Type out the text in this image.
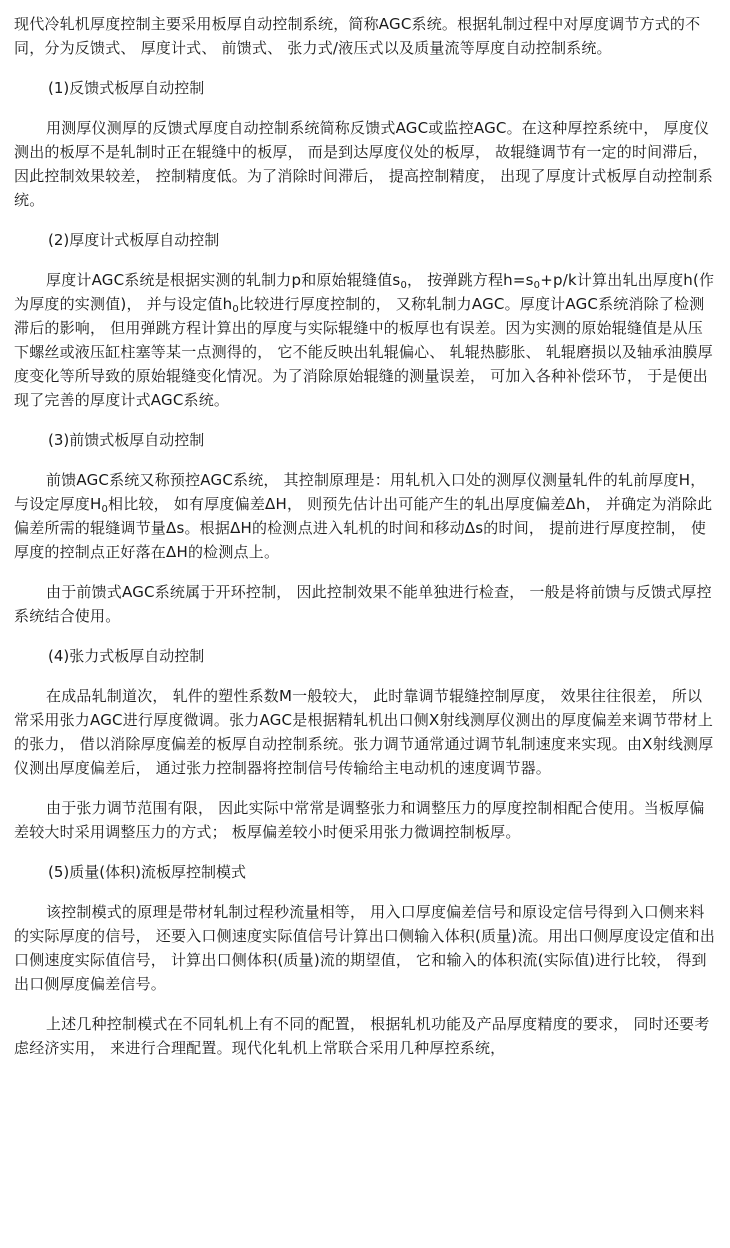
现代冷轧机厚度控制主要采用板厚自动控制系统，简称AGC系统。根据轧制过程中对厚度调节方式的不同，分为反馈式、 厚度计式、 前馈式、 张力式/液压式以及质量流等厚度自动控制系统。

(1)反馈式板厚自动控制

用测厚仪测厚的反馈式厚度自动控制系统简称反馈式AGC或监控AGC。在这种厚控系统中， 厚度仪测出的板厚不是轧制时正在辊缝中的板厚， 而是到达厚度仪处的板厚， 故辊缝调节有一定的时间滞后， 因此控制效果较差， 控制精度低。为了消除时间滞后， 提高控制精度， 出现了厚度计式板厚自动控制系统。

(2)厚度计式板厚自动控制

厚度计AGC系统是根据实测的轧制力p和原始辊缝值$s_0$， 按弹跳方程$h=s_0+p/k$计算出轧出厚度h(作为厚度的实测值)， 并与设定值$h_0$比较进行厚度控制的， 又称轧制力AGC。厚度计AGC系统消除了检测滞后的影响， 但用弹跳方程计算出的厚度与实际辊缝中的板厚也有误差。因为实测的原始辊缝值是从压下螺丝或液压缸柱塞等某一点测得的， 它不能反映出轧辊偏心、 轧辊热膨胀、 轧辊磨损以及轴承油膜厚度变化等所导致的原始辊缝变化情况。为了消除原始辊缝的测量误差， 可加入各种补偿环节， 于是便出现了完善的厚度计式AGC系统。

(3)前馈式板厚自动控制

前馈AGC系统又称预控AGC系统， 其控制原理是：用轧机入口处的测厚仪测量轧件的轧前厚度H，与设定厚度$H_0$相比较， 如有厚度偏差ΔH， 则预先估计出可能产生的轧出厚度偏差Δh， 并确定为消除此偏差所需的辊缝调节量Δs。根据ΔH的检测点进入轧机的时间和移动Δs的时间， 提前进行厚度控制， 使厚度的控制点正好落在ΔH的检测点上。

由于前馈式AGC系统属于开环控制， 因此控制效果不能单独进行检查， 一般是将前馈与反馈式厚控系统结合使用。

(4)张力式板厚自动控制

在成品轧制道次， 轧件的塑性系数M一般较大， 此时靠调节辊缝控制厚度， 效果往往很差， 所以常采用张力AGC进行厚度微调。张力AGC是根据精轧机出口侧X射线测厚仪测出的厚度偏差来调节带材上的张力， 借以消除厚度偏差的板厚自动控制系统。张力调节通常通过调节轧制速度来实现。由X射线测厚仪测出厚度偏差后， 通过张力控制器将控制信号传输给主电动机的速度调节器。

由于张力调节范围有限， 因此实际中常常是调整张力和调整压力的厚度控制相配合使用。当板厚偏差较大时采用调整压力的方式； 板厚偏差较小时便采用张力微调控制板厚。

(5)质量(体积)流板厚控制模式

该控制模式的原理是带材轧制过程秒流量相等， 用入口厚度偏差信号和原设定信号得到入口侧来料的实际厚度的信号， 还要入口侧速度实际值信号计算出口侧输入体积(质量)流。用出口侧厚度设定值和出口侧速度实际值信号， 计算出口侧体积(质量)流的期望值， 它和输入的体积流(实际值)进行比较， 得到出口侧厚度偏差信号。

上述几种控制模式在不同轧机上有不同的配置， 根据轧机功能及产品厚度精度的要求， 同时还要考虑经济实用， 来进行合理配置。现代化轧机上常联合采用几种厚控系统，
